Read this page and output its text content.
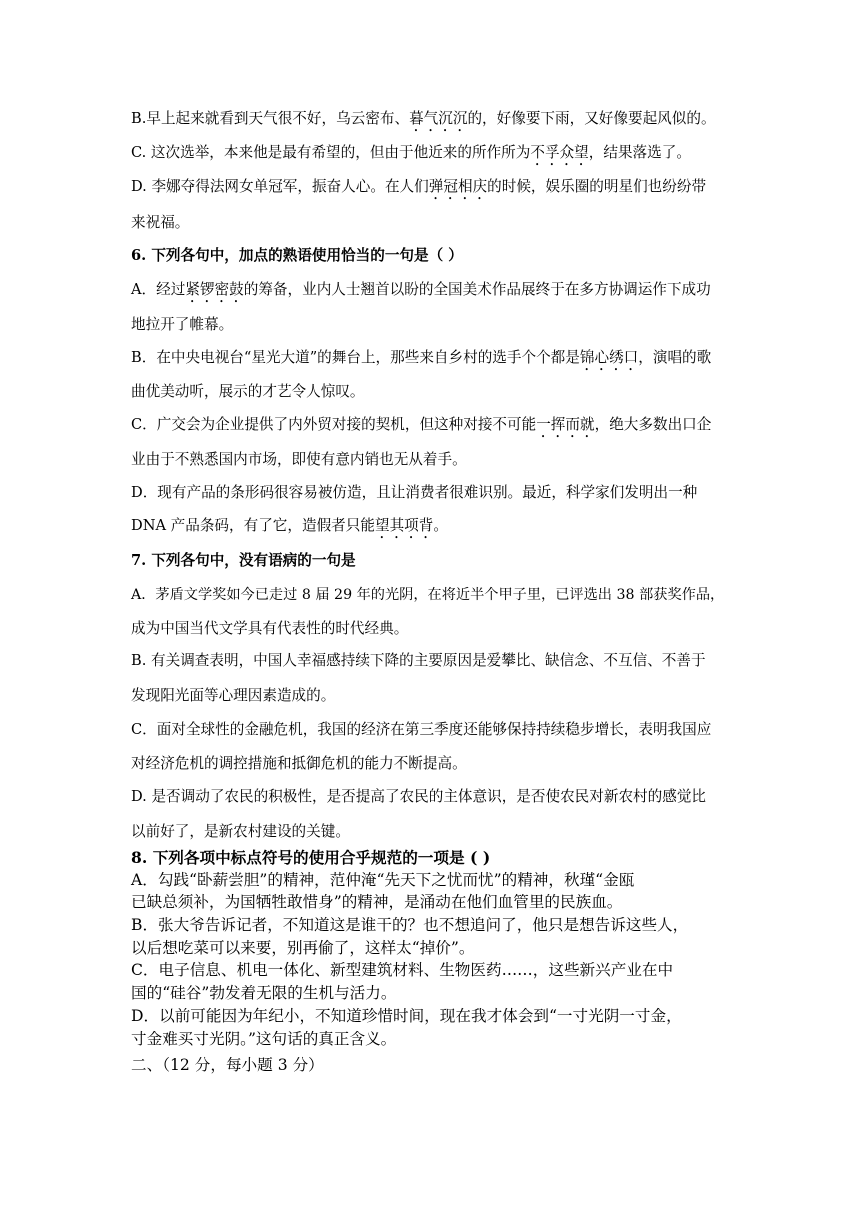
B.早上起来就看到天气很不好，乌云密布、暮气沉沉的，好像要下雨，又好像要起风似的。
C. 这次选举，本来他是最有希望的，但由于他近来的所作所为不孚众望，结果落选了。
D. 李娜夺得法网女单冠军，振奋人心。在人们弹冠相庆的时候，娱乐圈的明星们也纷纷带
来祝福。
6. 下列各句中，加点的熟语使用恰当的一句是（ ）
A．经过紧锣密鼓的筹备，业内人士翘首以盼的全国美术作品展终于在多方协调运作下成功
地拉开了帷幕。
B．在中央电视台“星光大道”的舞台上，那些来自乡村的选手个个都是锦心绣口，演唱的歌
曲优美动听，展示的才艺令人惊叹。
C．广交会为企业提供了内外贸对接的契机，但这种对接不可能一挥而就，绝大多数出口企
业由于不熟悉国内市场，即使有意内销也无从着手。
D．现有产品的条形码很容易被仿造，且让消费者很难识别。最近，科学家们发明出一种
DNA 产品条码，有了它，造假者只能望其项背。
7. 下列各句中，没有语病的一句是
A．茅盾文学奖如今已走过 8 届 29 年的光阴，在将近半个甲子里，已评选出 38 部获奖作品，
成为中国当代文学具有代表性的时代经典。
B. 有关调查表明，中国人幸福感持续下降的主要原因是爱攀比、缺信念、不互信、不善于
发现阳光面等心理因素造成的。
C．面对全球性的金融危机，我国的经济在第三季度还能够保持持续稳步增长，表明我国应
对经济危机的调控措施和抵御危机的能力不断提高。
D. 是否调动了农民的积极性，是否提高了农民的主体意识，是否使农民对新农村的感觉比
以前好了，是新农村建设的关键。
8. 下列各项中标点符号的使用合乎规范的一项是 ( )
A．勾践“卧薪尝胆”的精神，范仲淹“先天下之忧而忧”的精神，秋瑾“金瓯
已缺总须补，为国牺牲敢惜身”的精神，是涌动在他们血管里的民族血。
B．张大爷告诉记者，不知道这是谁干的？也不想追问了，他只是想告诉这些人，
以后想吃菜可以来要，别再偷了，这样太“掉价”。
C．电子信息、机电一体化、新型建筑材料、生物医药……，这些新兴产业在中
国的“硅谷”勃发着无限的生机与活力。
D．以前可能因为年纪小，不知道珍惜时间，现在我才体会到“一寸光阴一寸金，
寸金难买寸光阴。”这句话的真正含义。
二、（12 分，每小题 3 分）
